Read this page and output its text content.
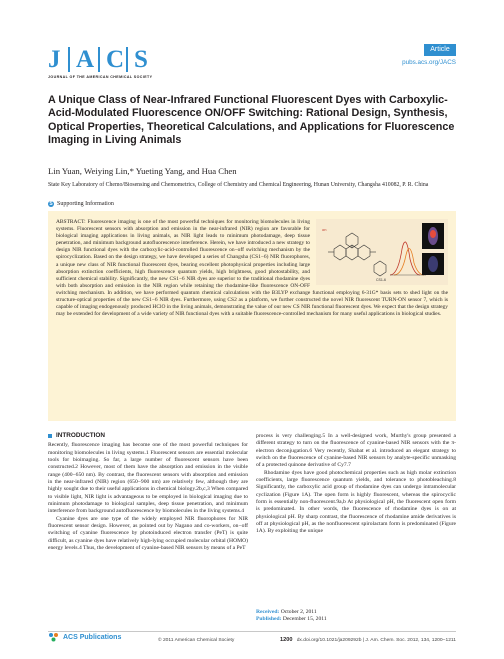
Article
pubs.acs.org/JACS
J A C S
JOURNAL OF THE AMERICAN CHEMICAL SOCIETY
A Unique Class of Near-Infrared Functional Fluorescent Dyes with Carboxylic-Acid-Modulated Fluorescence ON/OFF Switching: Rational Design, Synthesis, Optical Properties, Theoretical Calculations, and Applications for Fluorescence Imaging in Living Animals
Lin Yuan, Weiying Lin,* Yueting Yang, and Hua Chen
State Key Laboratory of Chemo/Biosensing and Chemometrics, College of Chemistry and Chemical Engineering, Hunan University, Changsha 410082, P. R. China
S Supporting Information
on
CS1-6

ABSTRACT: Fluorescence imaging is one of the most powerful techniques for monitoring biomolecules in living systems. Fluorescent sensors with absorption and emission in the near-infrared (NIR) region are favorable for biological imaging applications in living animals, as NIR light leads to minimum photodamage, deep tissue penetration, and minimum background autofluorescence interference. Herein, we have introduced a new strategy to design NIR functional dyes with the carboxylic-acid-controlled fluorescence on−off switching mechanism by the spirocyclization. Based on the design strategy, we have developed a series of Changsha (CS1−6) NIR fluorophores, a unique new class of NIR functional fluorescent dyes, bearing excellent photophysical properties including large absorption extinction coefficients, high fluorescence quantum yields, high brightness, good photostability, and sufficient chemical stability. Significantly, the new CS1−6 NIR dyes are superior to the traditional rhodamine dyes with both absorption and emission in the NIR region while retaining the rhodamine-like fluorescence ON-OFF switching mechanism. In addition, we have performed quantum chemical calculations with the B3LYP exchange functional employing 6-31G* basis sets to shed light on the structure-optical properties of the new CS1−6 NIR dyes. Furthermore, using CS2 as a platform, we further constructed the novel NIR fluorescent TURN-ON sensor 7, which is capable of imaging endogenously produced HClO in the living animals, demonstrating the value of our new CS NIR functional fluorescent dyes. We expect that the design strategy may be extended for development of a wide variety of NIR functional dyes with a suitable fluorescence-controlled mechanism for many useful applications in biological studies.

INTRODUCTION

Recently, fluorescence imaging has become one of the most powerful techniques for monitoring biomolecules in living systems.1 Fluorescent sensors are essential molecular tools for bioimaging. So far, a large number of fluorescent sensors have been constructed.2 However, most of them have the absorption and emission in the visible range (400−650 nm). By contrast, the fluorescent sensors with absorption and emission in the near-infrared (NIR) region (650−900 nm) are relatively few, although they are highly sought due to their useful applications in chemical biology.2b,c,3 When compared to visible light, NIR light is advantageous to be employed in biological imaging due to minimum photodamage to biological samples, deep tissue penetration, and minimum interference from background autofluorescence by biomolecules in the living systems.4

Cyanine dyes are one type of the widely employed NIR fluorophores for NIR fluorescent sensor design. However, as pointed out by Nagano and co-workers, on−off switching of cyanine fluorescence by photoinduced electron transfer (PeT) is quite difficult, as cyanine dyes have relatively high-lying occupied molecular orbital (HOMO) energy levels.4 Thus, the development of cyanine-based NIR sensors by means of a PeT

process is very challenging.5 In a well-designed work, Murthy's group presented a different strategy to turn on the fluorescence of cyanine-based NIR sensors with the π-electron deconjugation.6 Very recently, Shabat et al. introduced an elegant strategy to switch on the fluorescence of cyanine-based NIR sensors by analyte-specific unmasking of a protected quinone derivative of Cy7.7

Rhodamine dyes have good photochemical properties such as high molar extinction coefficients, large fluorescence quantum yields, and tolerance to photobleaching.8 Significantly, the carboxylic acid group of rhodamine dyes can undergo intramolecular cyclization (Figure 1A). The open form is highly fluorescent, whereas the spirocyclic form is essentially non-fluorescent.9a,b At physiological pH, the fluorescent open form is predominated. In other words, the fluorescence of rhodamine dyes is on at physiological pH. By sharp contrast, the fluorescence of rhodamine amide derivatives is off at physiological pH, as the nonfluorescent spirolactam form is predominated (Figure 1A). By exploiting the unique

Received: October 2, 2011
Published: December 15, 2011
ACS Publications	© 2011 American Chemical Society	1200 dx.doi.org/10.1021/ja209292b | J. Am. Chem. Soc. 2012, 134, 1200−1211
